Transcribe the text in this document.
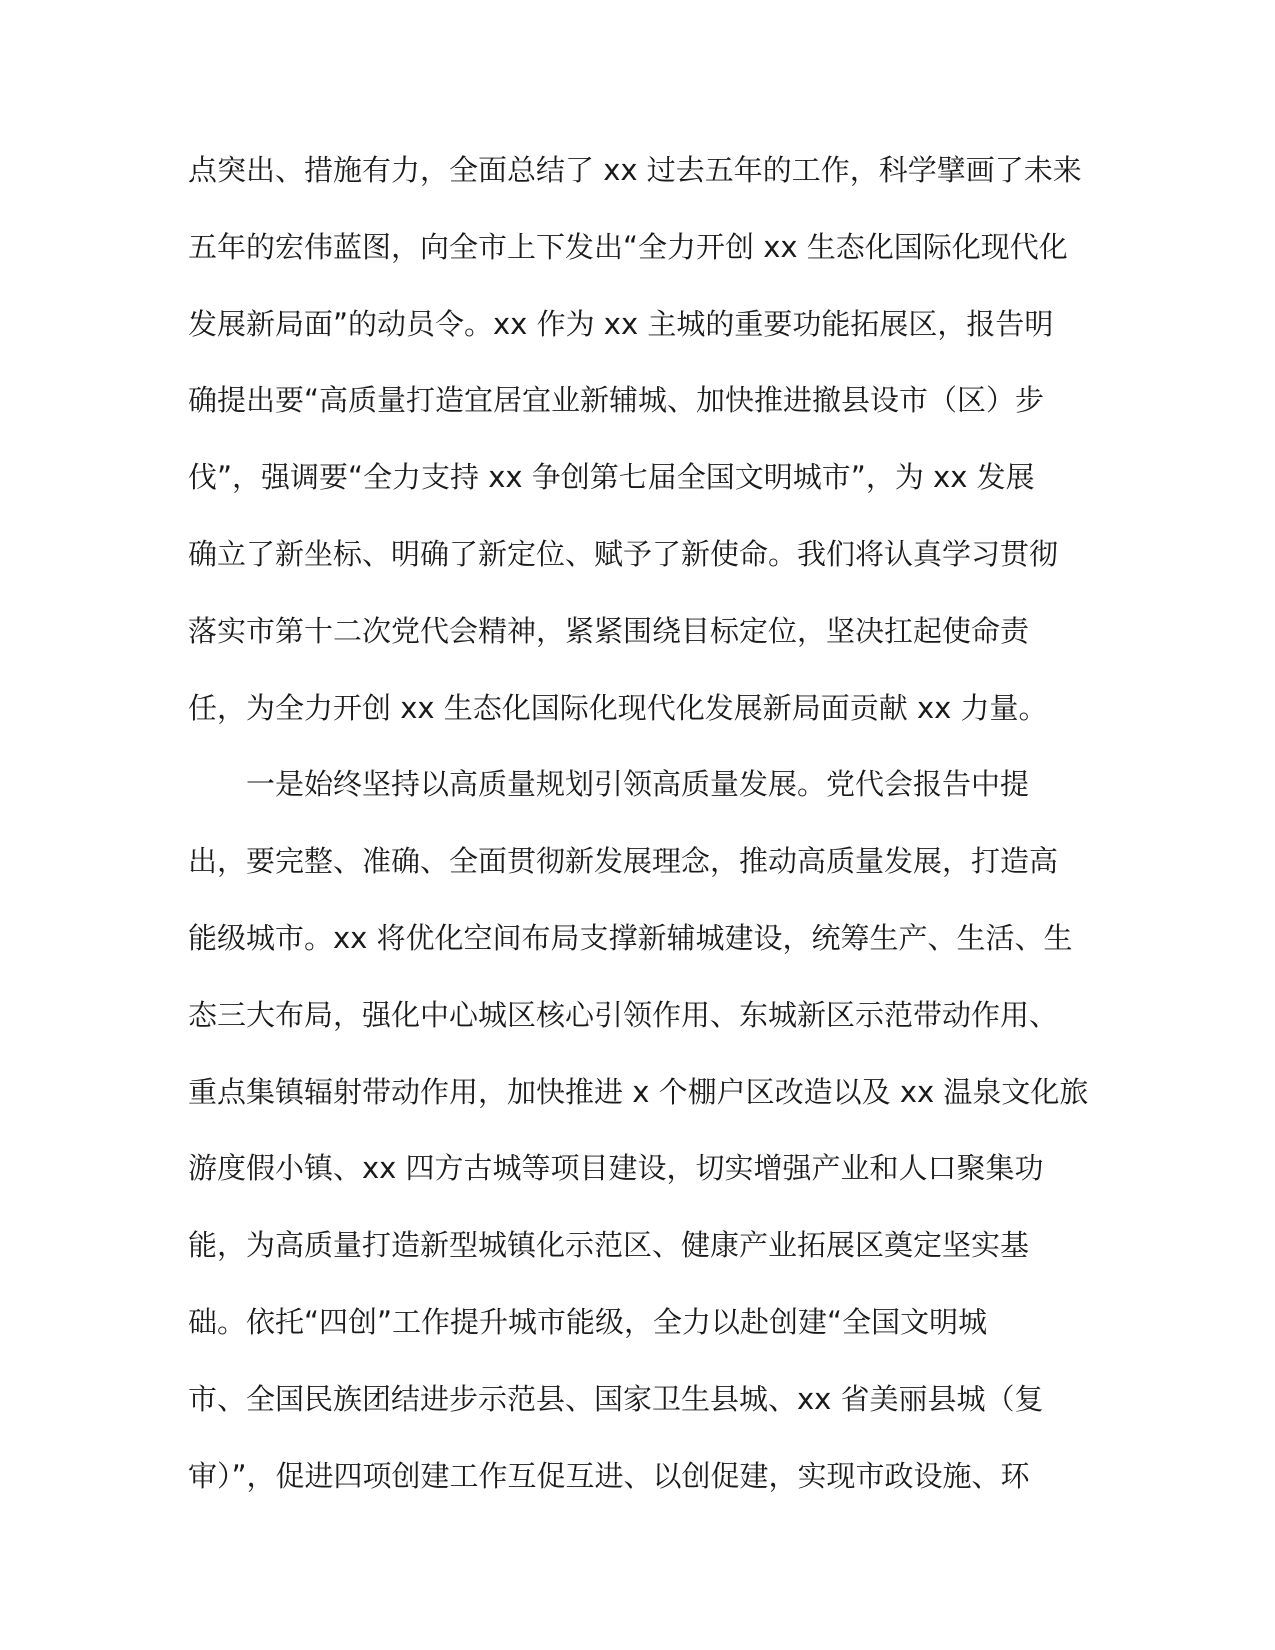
点突出、措施有力，全面总结了 xx 过去五年的工作，科学擘画了未来
五年的宏伟蓝图，向全市上下发出“全力开创 xx 生态化国际化现代化
发展新局面”的动员令。xx 作为 xx 主城的重要功能拓展区，报告明
确提出要“高质量打造宜居宜业新辅城、加快推进撤县设市（区）步
伐”，强调要“全力支持 xx 争创第七届全国文明城市”，为 xx 发展
确立了新坐标、明确了新定位、赋予了新使命。我们将认真学习贯彻
落实市第十二次党代会精神，紧紧围绕目标定位，坚决扛起使命责
任，为全力开创 xx 生态化国际化现代化发展新局面贡献 xx 力量。
一是始终坚持以高质量规划引领高质量发展。党代会报告中提
出，要完整、准确、全面贯彻新发展理念，推动高质量发展，打造高
能级城市。xx 将优化空间布局支撑新辅城建设，统筹生产、生活、生
态三大布局，强化中心城区核心引领作用、东城新区示范带动作用、
重点集镇辐射带动作用，加快推进 x 个棚户区改造以及 xx 温泉文化旅
游度假小镇、xx 四方古城等项目建设，切实增强产业和人口聚集功
能，为高质量打造新型城镇化示范区、健康产业拓展区奠定坚实基
础。依托“四创”工作提升城市能级，全力以赴创建“全国文明城
市、全国民族团结进步示范县、国家卫生县城、xx 省美丽县城（复
审）”，促进四项创建工作互促互进、以创促建，实现市政设施、环
